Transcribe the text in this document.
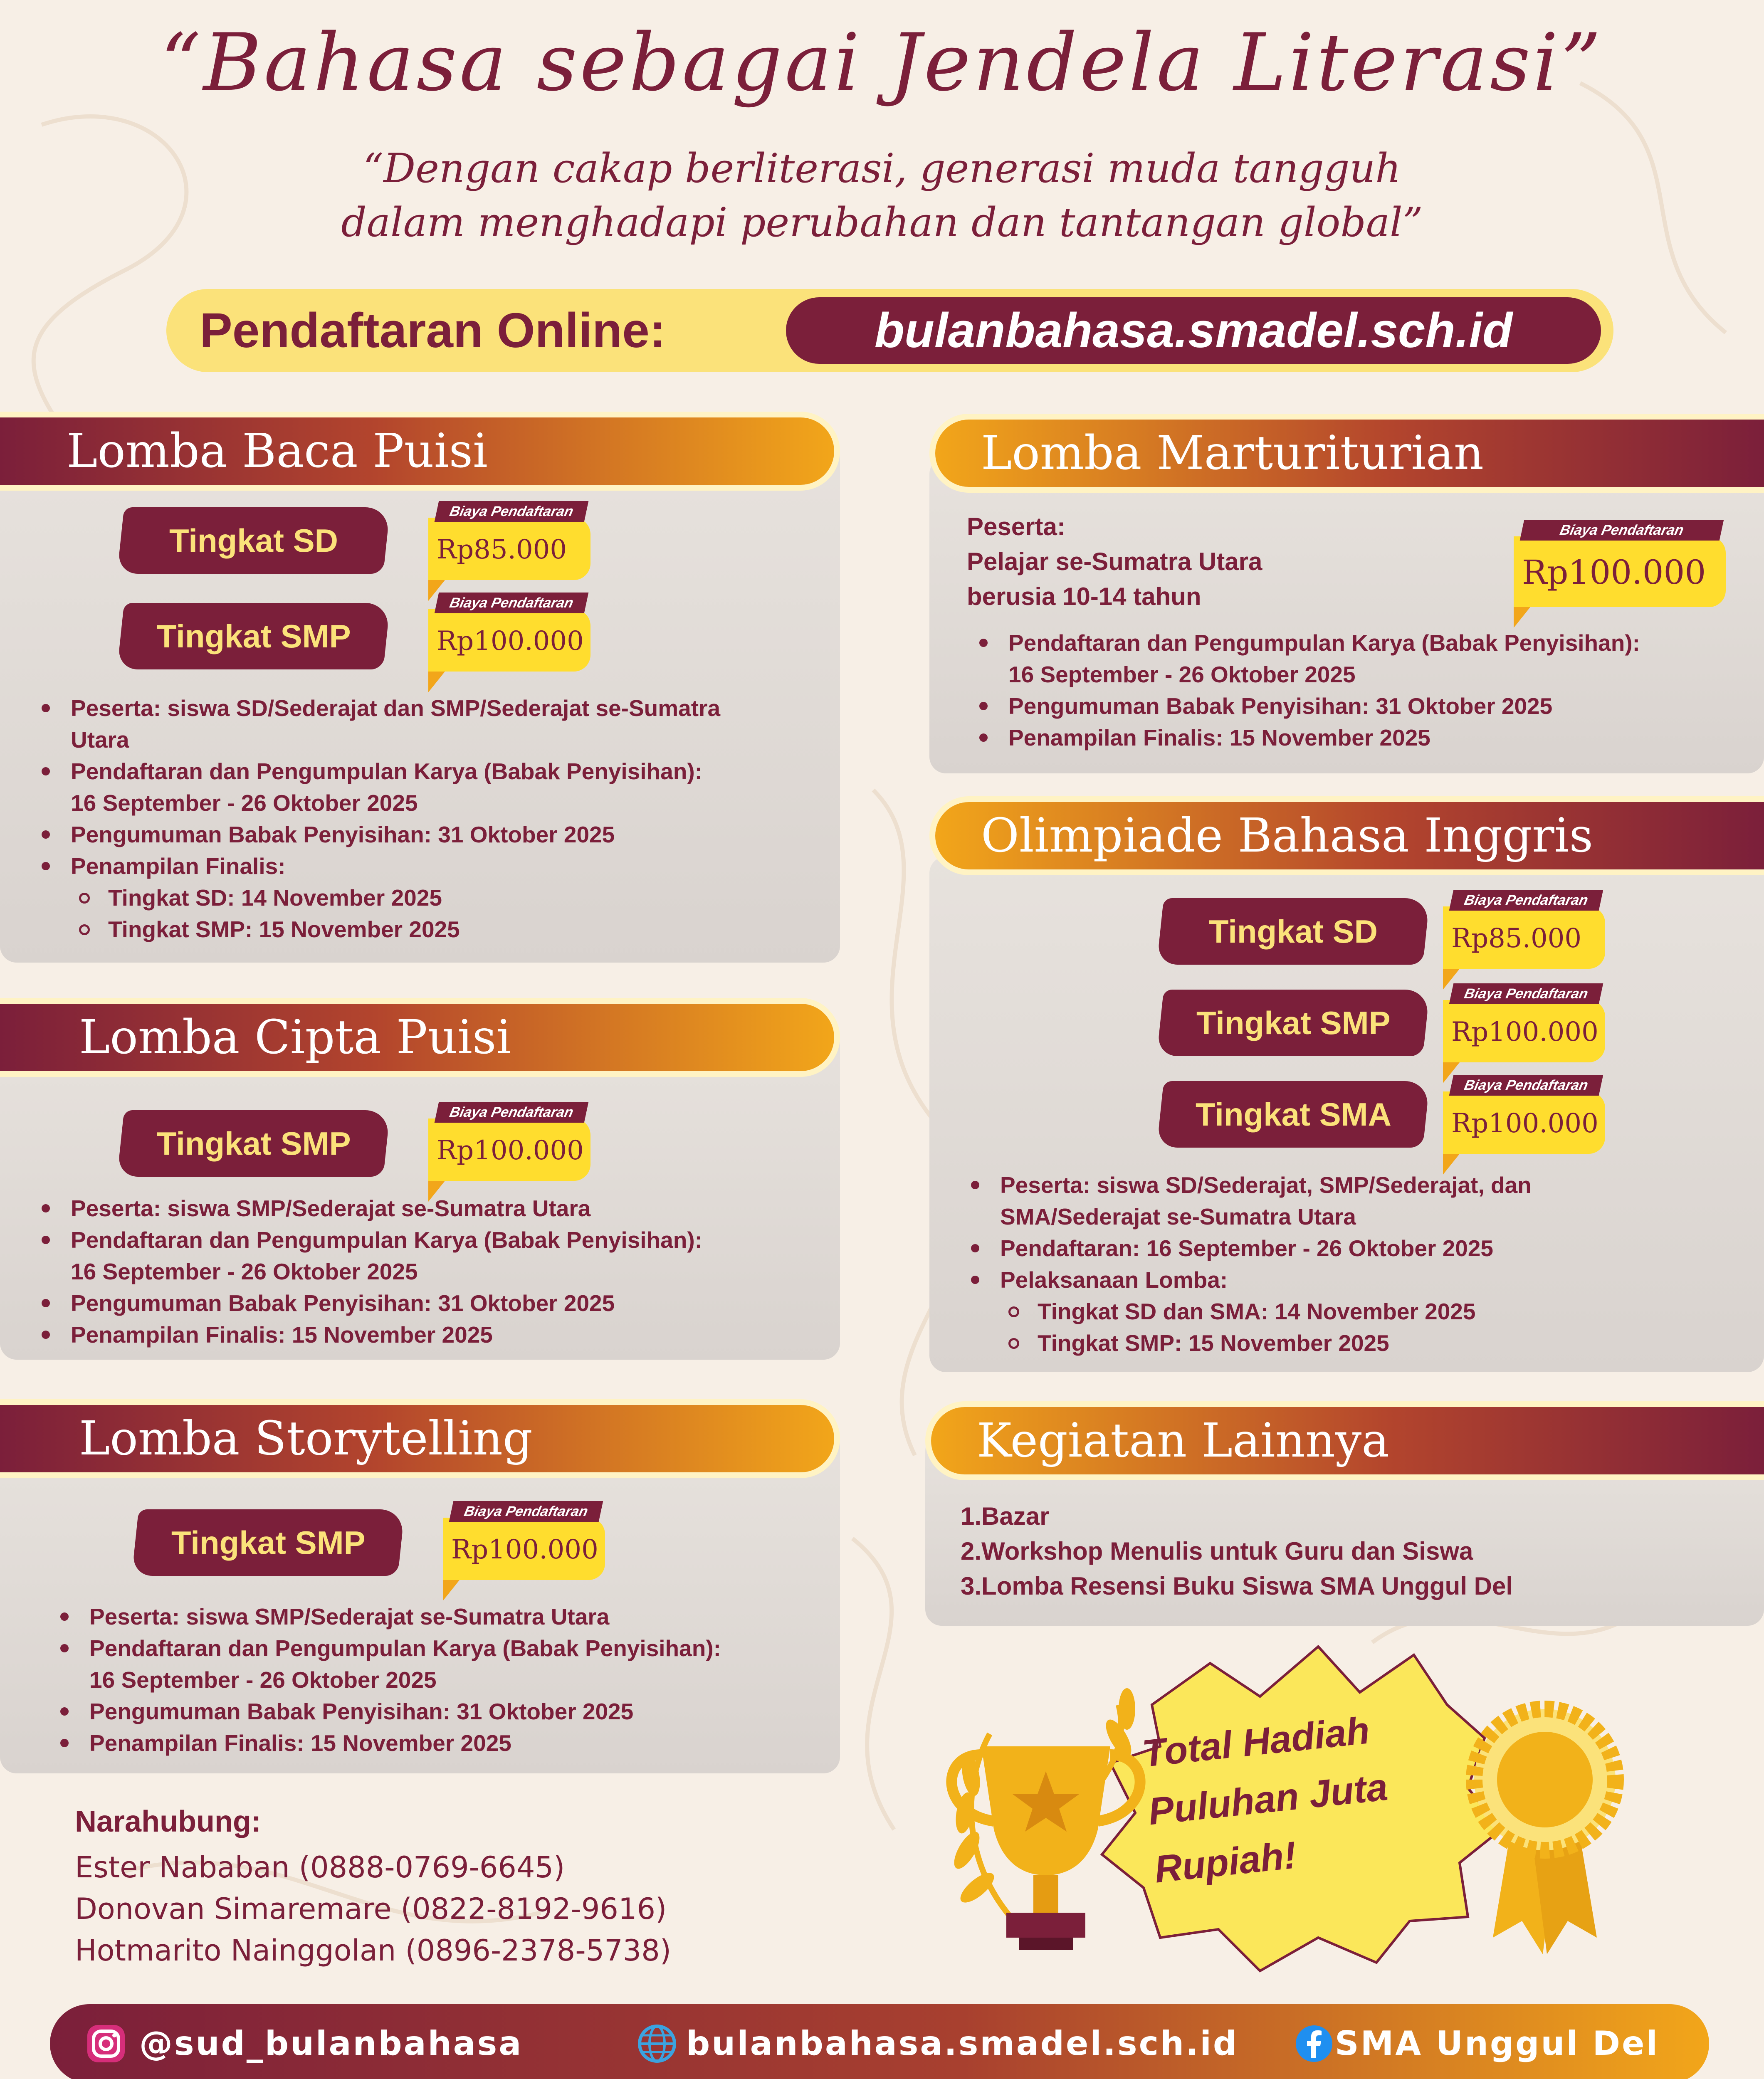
“Bahasa sebagai Jendela Literasi”
“Dengan cakap berliterasi, generasi muda tangguh
dalam menghadapi perubahan dan tantangan global”
Pendaftaran Online:	bulanbahasa.smadel.sch.id
Lomba Baca Puisi
Tingkat SD
Biaya Pendaftaran
Rp85.000
Tingkat SMP
Biaya Pendaftaran
Rp100.000
Peserta: siswa SD/Sederajat dan SMP/Sederajat se-Sumatra
Utara
Pendaftaran dan Pengumpulan Karya (Babak Penyisihan):
16 September - 26 Oktober 2025
Pengumuman Babak Penyisihan: 31 Oktober 2025
Penampilan Finalis:
Tingkat SD: 14 November 2025
Tingkat SMP: 15 November 2025
Lomba Cipta Puisi
Tingkat SMP
Biaya Pendaftaran
Rp100.000
Peserta: siswa SMP/Sederajat se-Sumatra Utara
Pendaftaran dan Pengumpulan Karya (Babak Penyisihan):
16 September - 26 Oktober 2025
Pengumuman Babak Penyisihan: 31 Oktober 2025
Penampilan Finalis: 15 November 2025
Lomba Storytelling
Tingkat SMP
Biaya Pendaftaran
Rp100.000
Peserta: siswa SMP/Sederajat se-Sumatra Utara
Pendaftaran dan Pengumpulan Karya (Babak Penyisihan):
16 September - 26 Oktober 2025
Pengumuman Babak Penyisihan: 31 Oktober 2025
Penampilan Finalis: 15 November 2025
Lomba Marturiturian
Peserta:
Pelajar se-Sumatra Utara
berusia 10-14 tahun
Biaya Pendaftaran
Rp100.000
Pendaftaran dan Pengumpulan Karya (Babak Penyisihan):
16 September - 26 Oktober 2025
Pengumuman Babak Penyisihan: 31 Oktober 2025
Penampilan Finalis: 15 November 2025
Olimpiade Bahasa Inggris
Tingkat SD
Biaya Pendaftaran
Rp85.000
Tingkat SMP
Biaya Pendaftaran
Rp100.000
Tingkat SMA
Biaya Pendaftaran
Rp100.000
Peserta: siswa SD/Sederajat, SMP/Sederajat, dan
SMA/Sederajat se-Sumatra Utara
Pendaftaran: 16 September - 26 Oktober 2025
Pelaksanaan Lomba:
Tingkat SD dan SMA: 14 November 2025
Tingkat SMP: 15 November 2025
Kegiatan Lainnya
1.Bazar
2.Workshop Menulis untuk Guru dan Siswa
3.Lomba Resensi Buku Siswa SMA Unggul Del
Narahubung:
Ester Nababan (0888-0769-6645)
Donovan Simaremare (0822-8192-9616)
Hotmarito Nainggolan (0896-2378-5738)
Total Hadiah
Puluhan Juta
Rupiah!
@sud_bulanbahasa	bulanbahasa.smadel.sch.id	SMA Unggul Del
